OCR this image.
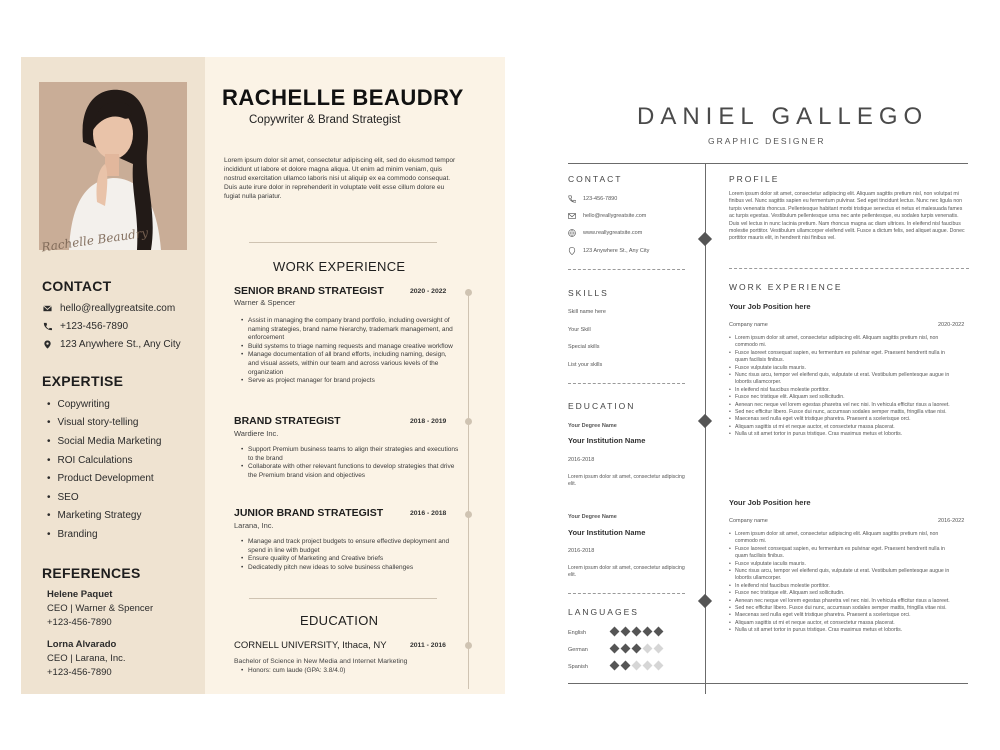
Rachelle Beaudry
CONTACT
hello@reallygreatsite.com
+123-456-7890
123 Anywhere St., Any City
EXPERTISE
• Copywriting
• Visual story-telling
• Social Media Marketing
• ROI Calculations
• Product Development
• SEO
• Marketing Strategy
• Branding
REFERENCES
Helene Paquet
CEO | Warner & Spencer
+123-456-7890
Lorna Alvarado
CEO | Larana, Inc.
+123-456-7890
RACHELLE BEAUDRY
Copywriter & Brand Strategist
Lorem ipsum dolor sit amet, consectetur adipiscing elit, sed do eiusmod tempor incididunt ut labore et dolore magna aliqua. Ut enim ad minim veniam, quis nostrud exercitation ullamco laboris nisi ut aliquip ex ea commodo consequat. Duis aute irure dolor in reprehenderit in voluptate velit esse cillum dolore eu fugiat nulla pariatur.
WORK EXPERIENCE
SENIOR BRAND STRATEGIST	2020 - 2022
Warner & Spencer
• Assist in managing the company brand portfolio, including oversight of naming strategies, brand name hierarchy, trademark management, and enforcement
• Build systems to triage naming requests and manage creative workflow
• Manage documentation of all brand efforts, including naming, design, and visual assets, within our team and across various levels of the organization
• Serve as project manager for brand projects
BRAND STRATEGIST	2018 - 2019
Wardiere Inc.
• Support Premium business teams to align their strategies and executions to the brand
• Collaborate with other relevant functions to develop strategies that drive the Premium brand vision and objectives
JUNIOR BRAND STRATEGIST	2016 - 2018
Larana, Inc.
• Manage and track project budgets to ensure effective deployment and spend in line with budget
• Ensure quality of Marketing and Creative briefs
• Dedicatedly pitch new ideas to solve business challenges
EDUCATION
CORNELL UNIVERSITY, Ithaca, NY	2011 - 2016
Bachelor of Science in New Media and Internet Marketing
• Honors: cum laude (GPA: 3.8/4.0)
DANIEL GALLEGO
GRAPHIC DESIGNER
CONTACT
123-456-7890
hello@reallygreatsite.com
www.reallygreatsite.com
123 Anywhere St., Any City
SKILLS
Skill name here
Your Skill
Special skills
List your skills
EDUCATION
Your Degree Name
Your Institution Name
2016-2018
Lorem ipsum dolor sit amet, consectetur adipiscing elit.
Your Degree Name
Your Institution Name
2016-2018
Lorem ipsum dolor sit amet, consectetur adipiscing elit.
LANGUAGES
English
German
Spanish
PROFILE
Lorem ipsum dolor sit amet, consectetur adipiscing elit. Aliquam sagittis pretium nisl, non volutpat mi finibus vel. Nunc sagittis sapien eu fermentum pulvinar. Sed eget tincidunt lectus. Nunc nec ligula non turpis venenatis rhoncus. Pellentesque habitant morbi tristique senectus et netus et malesuada fames ac turpis egestas. Vestibulum pellentesque urna nec ante pellentesque, eu sodales turpis venenatis. Duis vel lectus in nunc lacinia pretium. Nam rhoncus magna ac diam ultrices. In eleifend nisl faucibus molestie porttitor. Vestibulum ullamcorper eleifend velit. Fusce a dictum felis, sed aliquet augue. Donec porttitor mauris elit, in hendrerit nisi finibus vel.
WORK EXPERIENCE
Your Job Position here
Company name	2020-2022
• Lorem ipsum dolor sit amet, consectetur adipiscing elit. Aliquam sagittis pretium nisl, non commodo mi.
• Fusce laoreet consequat sapien, eu fermentum ex pulvinar eget. Praesent hendrerit nulla in quam facilisis finibus.
• Fusce vulputate iaculis mauris.
• Nunc risus arcu, tempor vel eleifend quis, vulputate ut erat. Vestibulum pellentesque augue in lobortis ullamcorper.
• In eleifend nisl faucibus molestie porttitor.
• Fusce nec tristique elit. Aliquam sed sollicitudin.
• Aenean nec neque vel lorem egestas pharetra vel nec nisi. In vehicula efficitur risus a laoreet.
• Sed nec efficitur libero. Fusce dui nunc, accumsan sodales semper mattis, fringilla vitae nisi.
• Maecenas sed nulla eget velit tristique pharetra. Praesent a scelerisque orci.
• Aliquam sagittis ut mi et neque auctor, et consectetur massa placerat.
• Nulla ut sit amet tortor in purus tristique. Cras maximus metus et lobortis.
Your Job Position here
Company name	2016-2022
• Lorem ipsum dolor sit amet, consectetur adipiscing elit. Aliquam sagittis pretium nisl, non commodo mi.
• Fusce laoreet consequat sapien, eu fermentum ex pulvinar eget. Praesent hendrerit nulla in quam facilisis finibus.
• Fusce vulputate iaculis mauris.
• Nunc risus arcu, tempor vel eleifend quis, vulputate ut erat. Vestibulum pellentesque augue in lobortis ullamcorper.
• In eleifend nisl faucibus molestie porttitor.
• Fusce nec tristique elit. Aliquam sed sollicitudin.
• Aenean nec neque vel lorem egestas pharetra vel nec nisi. In vehicula efficitur risus a laoreet.
• Sed nec efficitur libero. Fusce dui nunc, accumsan sodales semper mattis, fringilla vitae nisi.
• Maecenas sed nulla eget velit tristique pharetra. Praesent a scelerisque orci.
• Aliquam sagittis ut mi et neque auctor, et consectetur massa placerat.
• Nulla ut sit amet tortor in purus tristique. Cras maximus metus et lobortis.
